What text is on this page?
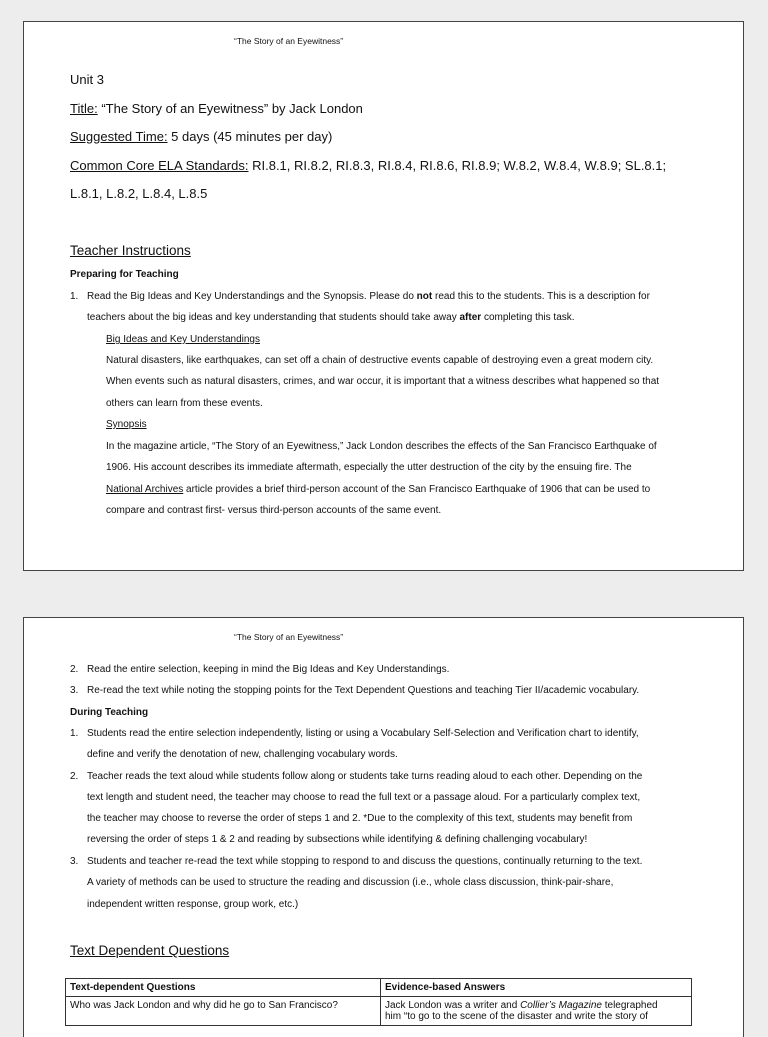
“The Story of an Eyewitness”
Unit 3
Title: “The Story of an Eyewitness” by Jack London
Suggested Time: 5 days (45 minutes per day)
Common Core ELA Standards: RI.8.1, RI.8.2, RI.8.3, RI.8.4, RI.8.6, RI.8.9; W.8.2, W.8.4, W.8.9; SL.8.1;
L.8.1, L.8.2, L.8.4, L.8.5
Teacher Instructions
Preparing for Teaching
1. Read the Big Ideas and Key Understandings and the Synopsis. Please do not read this to the students. This is a description for
teachers about the big ideas and key understanding that students should take away after completing this task.
Big Ideas and Key Understandings
Natural disasters, like earthquakes, can set off a chain of destructive events capable of destroying even a great modern city.
When events such as natural disasters, crimes, and war occur, it is important that a witness describes what happened so that
others can learn from these events.
Synopsis
In the magazine article, “The Story of an Eyewitness,” Jack London describes the effects of the San Francisco Earthquake of
1906. His account describes its immediate aftermath, especially the utter destruction of the city by the ensuing fire. The
National Archives article provides a brief third-person account of the San Francisco Earthquake of 1906 that can be used to
compare and contrast first- versus third-person accounts of the same event.
“The Story of an Eyewitness”
2. Read the entire selection, keeping in mind the Big Ideas and Key Understandings.
3. Re-read the text while noting the stopping points for the Text Dependent Questions and teaching Tier II/academic vocabulary.
During Teaching
1. Students read the entire selection independently, listing or using a Vocabulary Self-Selection and Verification chart to identify,
define and verify the denotation of new, challenging vocabulary words.
2. Teacher reads the text aloud while students follow along or students take turns reading aloud to each other. Depending on the
text length and student need, the teacher may choose to read the full text or a passage aloud. For a particularly complex text,
the teacher may choose to reverse the order of steps 1 and 2. *Due to the complexity of this text, students may benefit from
reversing the order of steps 1 & 2 and reading by subsections while identifying & defining challenging vocabulary!
3. Students and teacher re-read the text while stopping to respond to and discuss the questions, continually returning to the text.
A variety of methods can be used to structure the reading and discussion (i.e., whole class discussion, think-pair-share,
independent written response, group work, etc.)
Text Dependent Questions
Text-dependent Questions	Evidence-based Answers
Who was Jack London and why did he go to San Francisco?	Jack London was a writer and Collier’s Magazine telegraphed
him “to go to the scene of the disaster and write the story of
